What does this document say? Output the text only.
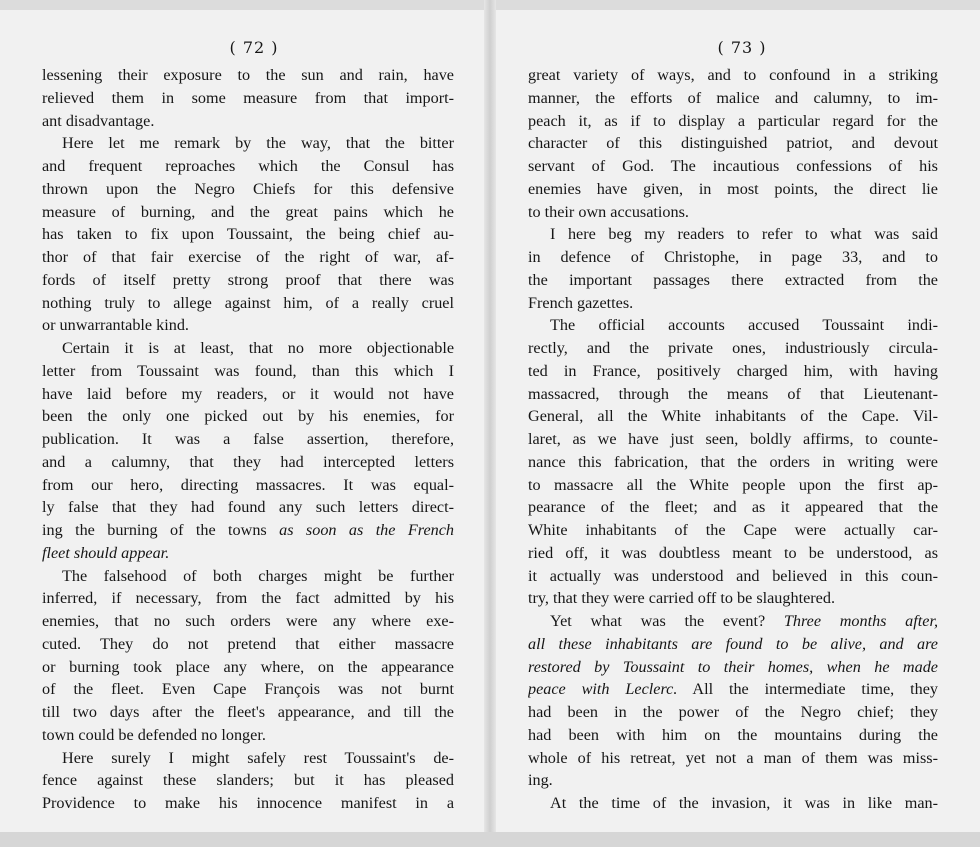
( 72 )
lessening their exposure to the sun and rain, have
relieved them in some measure from that import-
ant disadvantage.
Here let me remark by the way, that the bitter
and frequent reproaches which the Consul has
thrown upon the Negro Chiefs for this defensive
measure of burning, and the great pains which he
has taken to fix upon Toussaint, the being chief au-
thor of that fair exercise of the right of war, af-
fords of itself pretty strong proof that there was
nothing truly to allege against him, of a really cruel
or unwarrantable kind.
Certain it is at least, that no more objectionable
letter from Toussaint was found, than this which I
have laid before my readers, or it would not have
been the only one picked out by his enemies, for
publication. It was a false assertion, therefore,
and a calumny, that they had intercepted letters
from our hero, directing massacres. It was equal-
ly false that they had found any such letters direct-
ing the burning of the towns as soon as the French
fleet should appear.
The falsehood of both charges might be further
inferred, if necessary, from the fact admitted by his
enemies, that no such orders were any where exe-
cuted. They do not pretend that either massacre
or burning took place any where, on the appearance
of the fleet. Even Cape François was not burnt
till two days after the fleet's appearance, and till the
town could be defended no longer.
Here surely I might safely rest Toussaint's de-
fence against these slanders; but it has pleased
Providence to make his innocence manifest in a
( 73 )
great variety of ways, and to confound in a striking
manner, the efforts of malice and calumny, to im-
peach it, as if to display a particular regard for the
character of this distinguished patriot, and devout
servant of God. The incautious confessions of his
enemies have given, in most points, the direct lie
to their own accusations.
I here beg my readers to refer to what was said
in defence of Christophe, in page 33, and to
the important passages there extracted from the
French gazettes.
The official accounts accused Toussaint indi-
rectly, and the private ones, industriously circula-
ted in France, positively charged him, with having
massacred, through the means of that Lieutenant-
General, all the White inhabitants of the Cape. Vil-
laret, as we have just seen, boldly affirms, to counte-
nance this fabrication, that the orders in writing were
to massacre all the White people upon the first ap-
pearance of the fleet; and as it appeared that the
White inhabitants of the Cape were actually car-
ried off, it was doubtless meant to be understood, as
it actually was understood and believed in this coun-
try, that they were carried off to be slaughtered.
Yet what was the event? Three months after,
all these inhabitants are found to be alive, and are
restored by Toussaint to their homes, when he made
peace with Leclerc. All the intermediate time, they
had been in the power of the Negro chief; they
had been with him on the mountains during the
whole of his retreat, yet not a man of them was miss-
ing.
At the time of the invasion, it was in like man-
